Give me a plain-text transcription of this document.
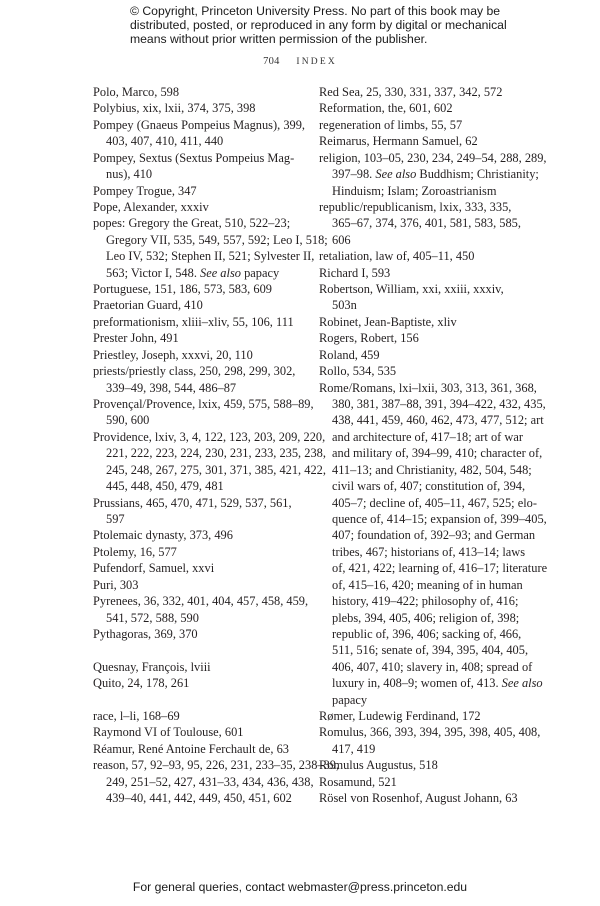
© Copyright, Princeton University Press. No part of this book may be
distributed, posted, or reproduced in any form by digital or mechanical
means without prior written permission of the publisher.
704 INDEX
Polo, Marco, 598
Polybius, xix, lxii, 374, 375, 398
Pompey (Gnaeus Pompeius Magnus), 399,
403, 407, 410, 411, 440
Pompey, Sextus (Sextus Pompeius Mag-
nus), 410
Pompey Trogue, 347
Pope, Alexander, xxxiv
popes: Gregory the Great, 510, 522–23;
Gregory VII, 535, 549, 557, 592; Leo I, 518;
Leo IV, 532; Stephen II, 521; Sylvester II,
563; Victor I, 548. See also papacy
Portuguese, 151, 186, 573, 583, 609
Praetorian Guard, 410
preformationism, xliii–xliv, 55, 106, 111
Prester John, 491
Priestley, Joseph, xxxvi, 20, 110
priests/priestly class, 250, 298, 299, 302,
339–49, 398, 544, 486–87
Provençal/Provence, lxix, 459, 575, 588–89,
590, 600
Providence, lxiv, 3, 4, 122, 123, 203, 209, 220,
221, 222, 223, 224, 230, 231, 233, 235, 238,
245, 248, 267, 275, 301, 371, 385, 421, 422,
445, 448, 450, 479, 481
Prussians, 465, 470, 471, 529, 537, 561,
597
Ptolemaic dynasty, 373, 496
Ptolemy, 16, 577
Pufendorf, Samuel, xxvi
Puri, 303
Pyrenees, 36, 332, 401, 404, 457, 458, 459,
541, 572, 588, 590
Pythagoras, 369, 370
Quesnay, François, lviii
Quito, 24, 178, 261
race, l–li, 168–69
Raymond VI of Toulouse, 601
Réamur, René Antoine Ferchault de, 63
reason, 57, 92–93, 95, 226, 231, 233–35, 238–39,
249, 251–52, 427, 431–33, 434, 436, 438,
439–40, 441, 442, 449, 450, 451, 602
Red Sea, 25, 330, 331, 337, 342, 572
Reformation, the, 601, 602
regeneration of limbs, 55, 57
Reimarus, Hermann Samuel, 62
religion, 103–05, 230, 234, 249–54, 288, 289,
397–98. See also Buddhism; Christianity;
Hinduism; Islam; Zoroastrianism
republic/republicanism, lxix, 333, 335,
365–67, 374, 376, 401, 581, 583, 585,
606
retaliation, law of, 405–11, 450
Richard I, 593
Robertson, William, xxi, xxiii, xxxiv,
503n
Robinet, Jean-Baptiste, xliv
Rogers, Robert, 156
Roland, 459
Rollo, 534, 535
Rome/Romans, lxi–lxii, 303, 313, 361, 368,
380, 381, 387–88, 391, 394–422, 432, 435,
438, 441, 459, 460, 462, 473, 477, 512; art
and architecture of, 417–18; art of war
and military of, 394–99, 410; character of,
411–13; and Christianity, 482, 504, 548;
civil wars of, 407; constitution of, 394,
405–7; decline of, 405–11, 467, 525; elo-
quence of, 414–15; expansion of, 399–405,
407; foundation of, 392–93; and German
tribes, 467; historians of, 413–14; laws
of, 421, 422; learning of, 416–17; literature
of, 415–16, 420; meaning of in human
history, 419–422; philosophy of, 416;
plebs, 394, 405, 406; religion of, 398;
republic of, 396, 406; sacking of, 466,
511, 516; senate of, 394, 395, 404, 405,
406, 407, 410; slavery in, 408; spread of
luxury in, 408–9; women of, 413. See also
papacy
Rømer, Ludewig Ferdinand, 172
Romulus, 366, 393, 394, 395, 398, 405, 408,
417, 419
Romulus Augustus, 518
Rosamund, 521
Rösel von Rosenhof, August Johann, 63
For general queries, contact webmaster@press.princeton.edu
